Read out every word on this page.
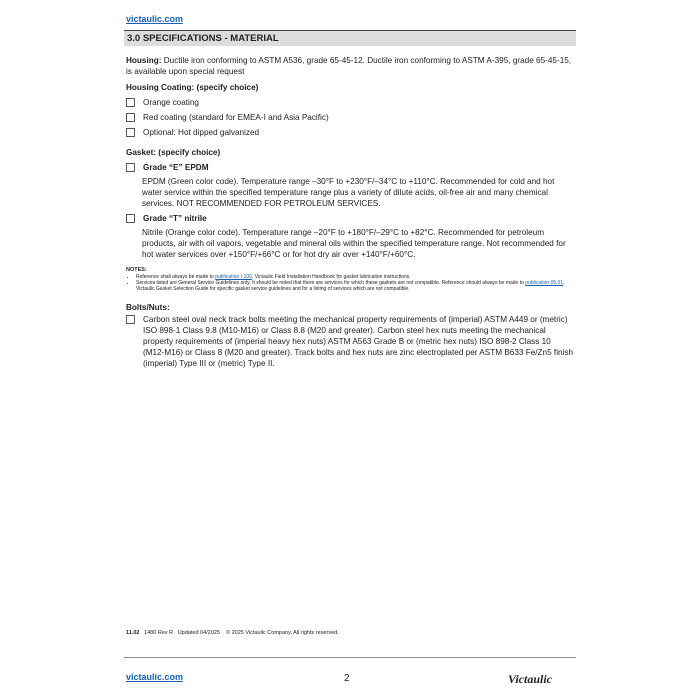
victaulic.com
3.0 SPECIFICATIONS - MATERIAL

Housing: Ductile iron conforming to ASTM A536, grade 65-45-12. Ductile iron conforming to ASTM A-395, grade 65-45-15, is available upon special request

Housing Coating: (specify choice)
Orange coating
Red coating (standard for EMEA-I and Asia Pacific)
Optional: Hot dipped galvanized
Gasket: (specify choice)
Grade “E” EPDM

EPDM (Green color code). Temperature range –30°F to +230°F/–34°C to +110°C. Recommended for cold and hot water service within the specified temperature range plus a variety of dilute acids, oil-free air and many chemical services. NOT RECOMMENDED FOR PETROLEUM SERVICES.

Grade “T” nitrile

Nitrile (Orange color code). Temperature range –20°F to +180°F/–29°C to +82°C. Recommended for petroleum products, air with oil vapors, vegetable and mineral oils within the specified temperature range. Not recommended for hot water services over +150°F/+66°C or for hot dry air over +140°F/+60°C.

NOTES:
• Reference shall always be made to publication I-100, Victaulic Field Installation Handbook for gasket lubrication instructions.
• Services listed are General Service Guidelines only. It should be noted that there are services for which these gaskets are not compatible. Reference should always be made to publication 05.01, Victaulic Gasket Selection Guide for specific gasket service guidelines and for a listing of services which are not compatible.
Bolts/Nuts:
Carbon steel oval neck track bolts meeting the mechanical property requirements of (imperial) ASTM A449 or (metric) ISO 898-1 Class 9.8 (M10-M16) or Class 8.8 (M20 and greater). Carbon steel hex nuts meeting the mechanical property requirements of (imperial heavy hex nuts) ASTM A563 Grade B or (metric hex nuts) ISO 898-2 Class 10 (M12-M16) or Class 8 (M20 and greater). Track bolts and hex nuts are zinc electroplated per ASTM B633 Fe/Zn5 finish (imperial) Type III or (metric) Type II.
11.02 1480 Rev R Updated 04/2025 © 2025 Victaulic Company. All rights reserved.
victaulic.com	2	Victaulic
